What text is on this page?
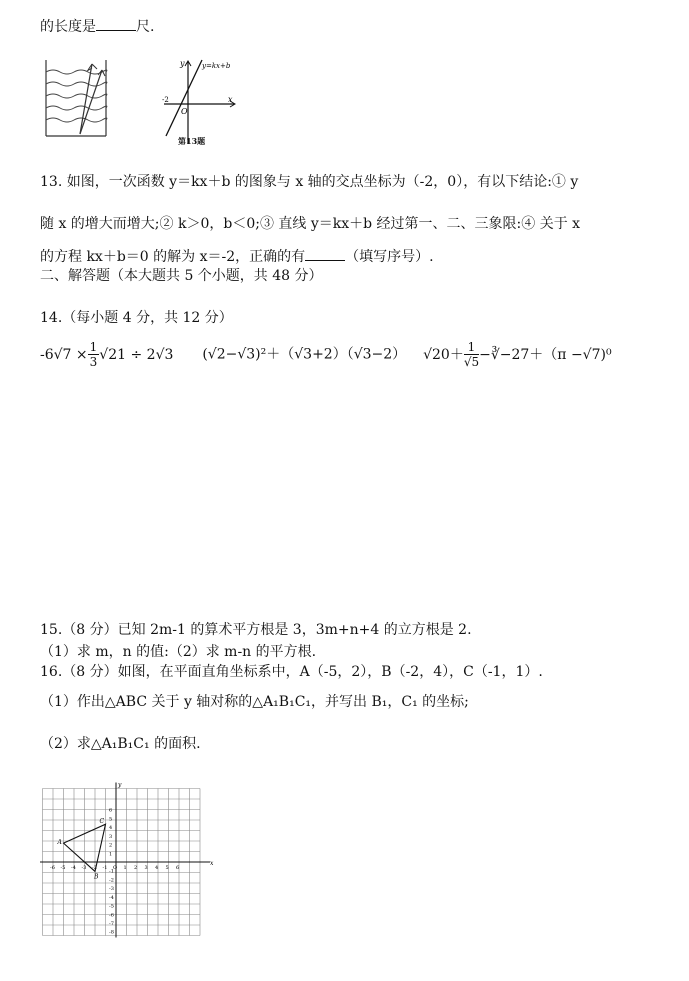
的长度是	尺.
y
x
y=kx+b
-2
O
第13题
13. 如图，一次函数 y＝kx＋b 的图象与 x 轴的交点坐标为（-2，0），有以下结论:① y
随 x 的增大而增大;② k＞0，b＜0;③ 直线 y＝kx＋b 经过第一、二、三象限:④ 关于 x
的方程 kx＋b＝0 的解为 x＝-2，正确的有	（填写序号）.
二、解答题（本大题共 5 个小题，共 48 分）
14.（每小题 4 分，共 12 分）
$-6√7 \times \frac{1}{3} √21 \div 2√3$ (√2−√3)²＋（√3+2）（√3−2） $√20+ \frac{1}{√5}$ −∛−27＋（π −√7)⁰
15.（8 分）已知 2m-1 的算术平方根是 3，3m+n+4 的立方根是 2.
（1）求 m，n 的值:（2）求 m-n 的平方根.
16.（8 分）如图，在平面直角坐标系中，A（-5，2），B（-2，4），C（-1，1）.
（1）作出△ABC 关于 y 轴对称的△A₁B₁C₁，并写出 B₁，C₁ 的坐标;
（2）求△A₁B₁C₁ 的面积.
x
y
-6 -5 -4 -3 -2 -1 O 1 2 3 4 5 6
6
5
4
3
2
1
-1
-2
-3
-4
-5
-6
-7
-8
A
B
C
